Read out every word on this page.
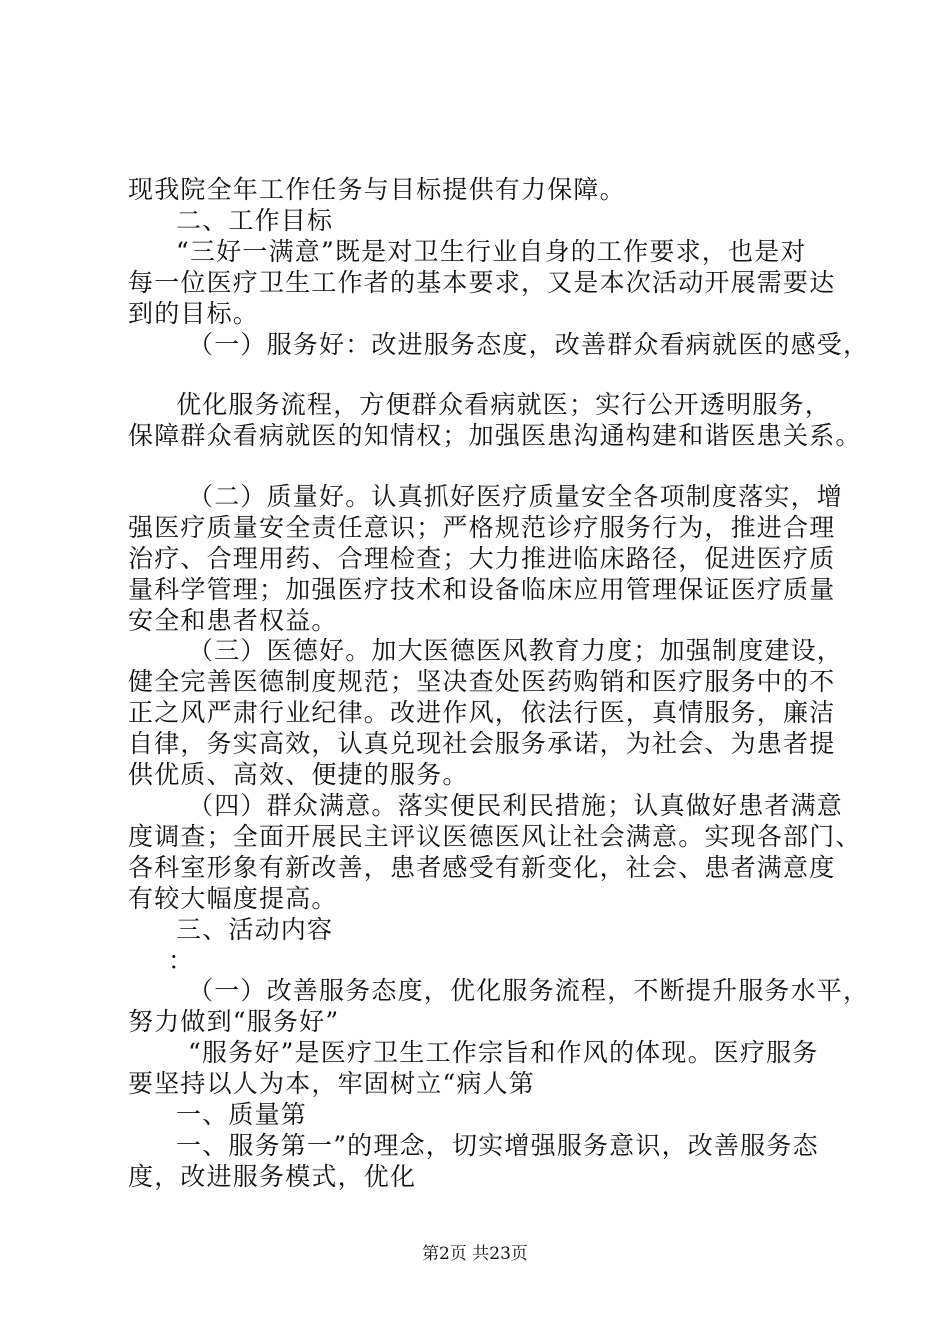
现我院全年工作任务与目标提供有力保障。
二、工作目标
“三好一满意”既是对卫生行业自身的工作要求，也是对
每一位医疗卫生工作者的基本要求，又是本次活动开展需要达
到的目标。
（一）服务好：改进服务态度，改善群众看病就医的感受，
优化服务流程，方便群众看病就医；实行公开透明服务，
保障群众看病就医的知情权；加强医患沟通构建和谐医患关系。
（二）质量好。认真抓好医疗质量安全各项制度落实，增
强医疗质量安全责任意识；严格规范诊疗服务行为，推进合理
治疗、合理用药、合理检查；大力推进临床路径，促进医疗质
量科学管理；加强医疗技术和设备临床应用管理保证医疗质量
安全和患者权益。
（三）医德好。加大医德医风教育力度；加强制度建设，
健全完善医德制度规范；坚决查处医药购销和医疗服务中的不
正之风严肃行业纪律。改进作风，依法行医，真情服务，廉洁
自律，务实高效，认真兑现社会服务承诺，为社会、为患者提
供优质、高效、便捷的服务。
（四）群众满意。落实便民利民措施；认真做好患者满意
度调查；全面开展民主评议医德医风让社会满意。实现各部门、
各科室形象有新改善，患者感受有新变化，社会、患者满意度
有较大幅度提高。
三、活动内容
：
（一）改善服务态度，优化服务流程，不断提升服务水平，
努力做到“服务好”
“服务好”是医疗卫生工作宗旨和作风的体现。医疗服务
要坚持以人为本，牢固树立“病人第
一、质量第
一、服务第一”的理念，切实增强服务意识，改善服务态
度，改进服务模式，优化
第2页 共23页
